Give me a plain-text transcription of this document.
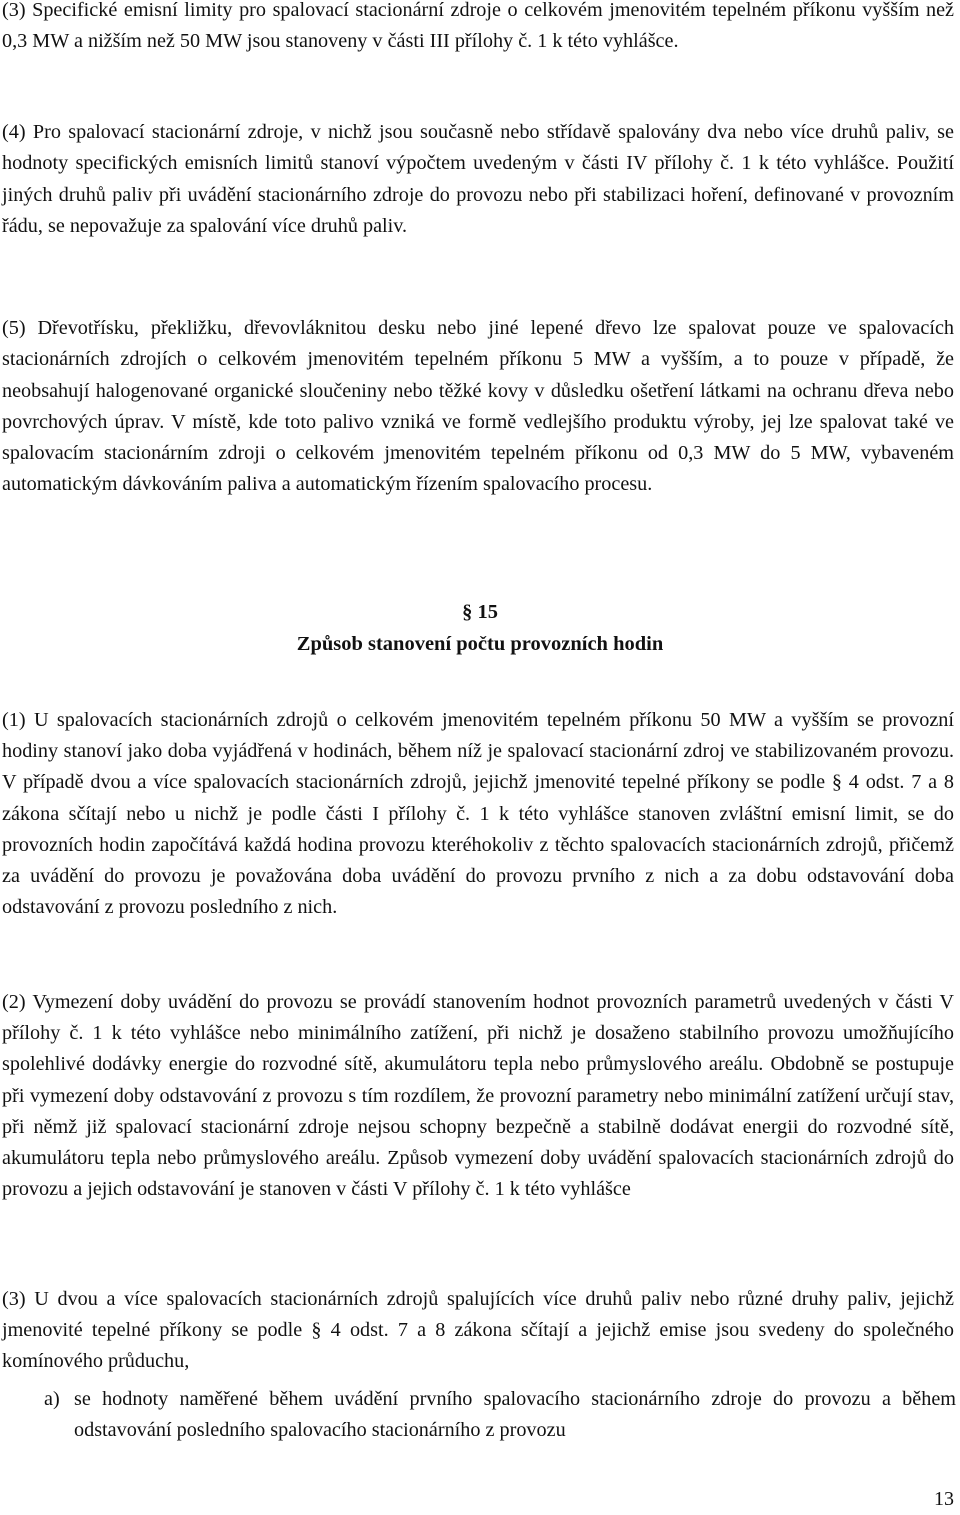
(3) Specifické emisní limity pro spalovací stacionární zdroje o celkovém jmenovitém tepelném příkonu vyšším než 0,3 MW a nižším než 50 MW jsou stanoveny v části III přílohy č. 1 k této vyhlášce.

(4) Pro spalovací stacionární zdroje, v nichž jsou současně nebo střídavě spalovány dva nebo více druhů paliv, se hodnoty specifických emisních limitů stanoví výpočtem uvedeným v části IV přílohy č. 1 k této vyhlášce. Použití jiných druhů paliv při uvádění stacionárního zdroje do provozu nebo při stabilizaci hoření, definované v provozním řádu, se nepovažuje za spalování více druhů paliv.

(5) Dřevotřísku, překližku, dřevovláknitou desku nebo jiné lepené dřevo lze spalovat pouze ve spalovacích stacionárních zdrojích o celkovém jmenovitém tepelném příkonu 5 MW a vyšším, a to pouze v případě, že neobsahují halogenované organické sloučeniny nebo těžké kovy v důsledku ošetření látkami na ochranu dřeva nebo povrchových úprav. V místě, kde toto palivo vzniká ve formě vedlejšího produktu výroby, jej lze spalovat také ve spalovacím stacionárním zdroji o celkovém jmenovitém tepelném příkonu od 0,3 MW do 5 MW, vybaveném automatickým dávkováním paliva a automatickým řízením spalovacího procesu.

§ 15
Způsob stanovení počtu provozních hodin

(1) U spalovacích stacionárních zdrojů o celkovém jmenovitém tepelném příkonu 50 MW a vyšším se provozní hodiny stanoví jako doba vyjádřená v hodinách, během níž je spalovací stacionární zdroj ve stabilizovaném provozu. V případě dvou a více spalovacích stacionárních zdrojů, jejichž jmenovité tepelné příkony se podle § 4 odst. 7 a 8 zákona sčítají nebo u nichž je podle části I přílohy č. 1 k této vyhlášce stanoven zvláštní emisní limit, se do provozních hodin započítává každá hodina provozu kteréhokoliv z těchto spalovacích stacionárních zdrojů, přičemž za uvádění do provozu je považována doba uvádění do provozu prvního z nich a za dobu odstavování doba odstavování z provozu posledního z nich.

(2) Vymezení doby uvádění do provozu se provádí stanovením hodnot provozních parametrů uvedených v části V přílohy č. 1 k této vyhlášce nebo minimálního zatížení, při nichž je dosaženo stabilního provozu umožňujícího spolehlivé dodávky energie do rozvodné sítě, akumulátoru tepla nebo průmyslového areálu. Obdobně se postupuje při vymezení doby odstavování z provozu s tím rozdílem, že provozní parametry nebo minimální zatížení určují stav, při němž již spalovací stacionární zdroje nejsou schopny bezpečně a stabilně dodávat energii do rozvodné sítě, akumulátoru tepla nebo průmyslového areálu. Způsob vymezení doby uvádění spalovacích stacionárních zdrojů do provozu a jejich odstavování je stanoven v části V přílohy č. 1 k této vyhlášce

(3) U dvou a více spalovacích stacionárních zdrojů spalujících více druhů paliv nebo různé druhy paliv, jejichž jmenovité tepelné příkony se podle § 4 odst. 7 a 8 zákona sčítají a jejichž emise jsou svedeny do společného komínového průduchu,

a) se hodnoty naměřené během uvádění prvního spalovacího stacionárního zdroje do provozu a během odstavování posledního spalovacího stacionárního z provozu
13
